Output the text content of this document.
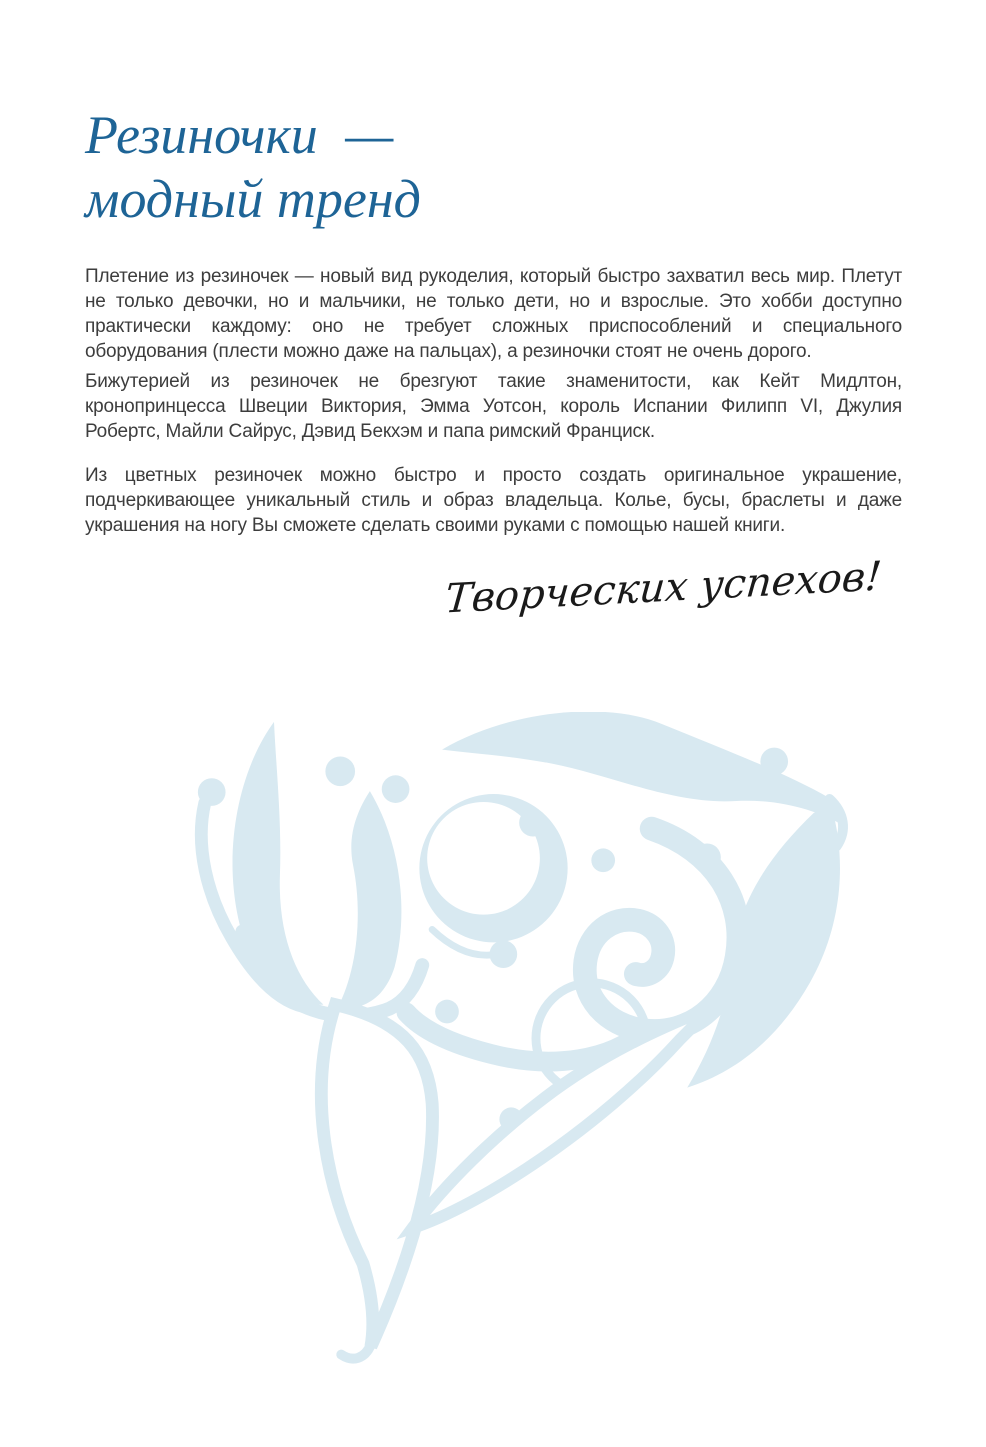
Резиночки —
модный тренд

Плетение из резиночек — новый вид рукоделия, который быстро захватил весь мир. Плетут не только девочки, но и мальчики, не только дети, но и взрослые. Это хобби доступно практически каждому: оно не требует сложных приспособлений и специального оборудования (плести можно даже на пальцах), а резиночки стоят не очень дорого.

Бижутерией из резиночек не брезгуют такие знаменитости, как Кейт Мидлтон, кронопринцесса Швеции Виктория, Эмма Уотсон, король Испании Филипп VI, Джулия Робертс, Майли Сайрус, Дэвид Бекхэм и папа римский Франциск.

Из цветных резиночек можно быстро и просто создать оригинальное украшение, подчеркивающее уникальный стиль и образ владельца. Колье, бусы, браслеты и даже украшения на ногу Вы сможете сделать своими руками с помощью нашей книги.

Творческих успехов!
